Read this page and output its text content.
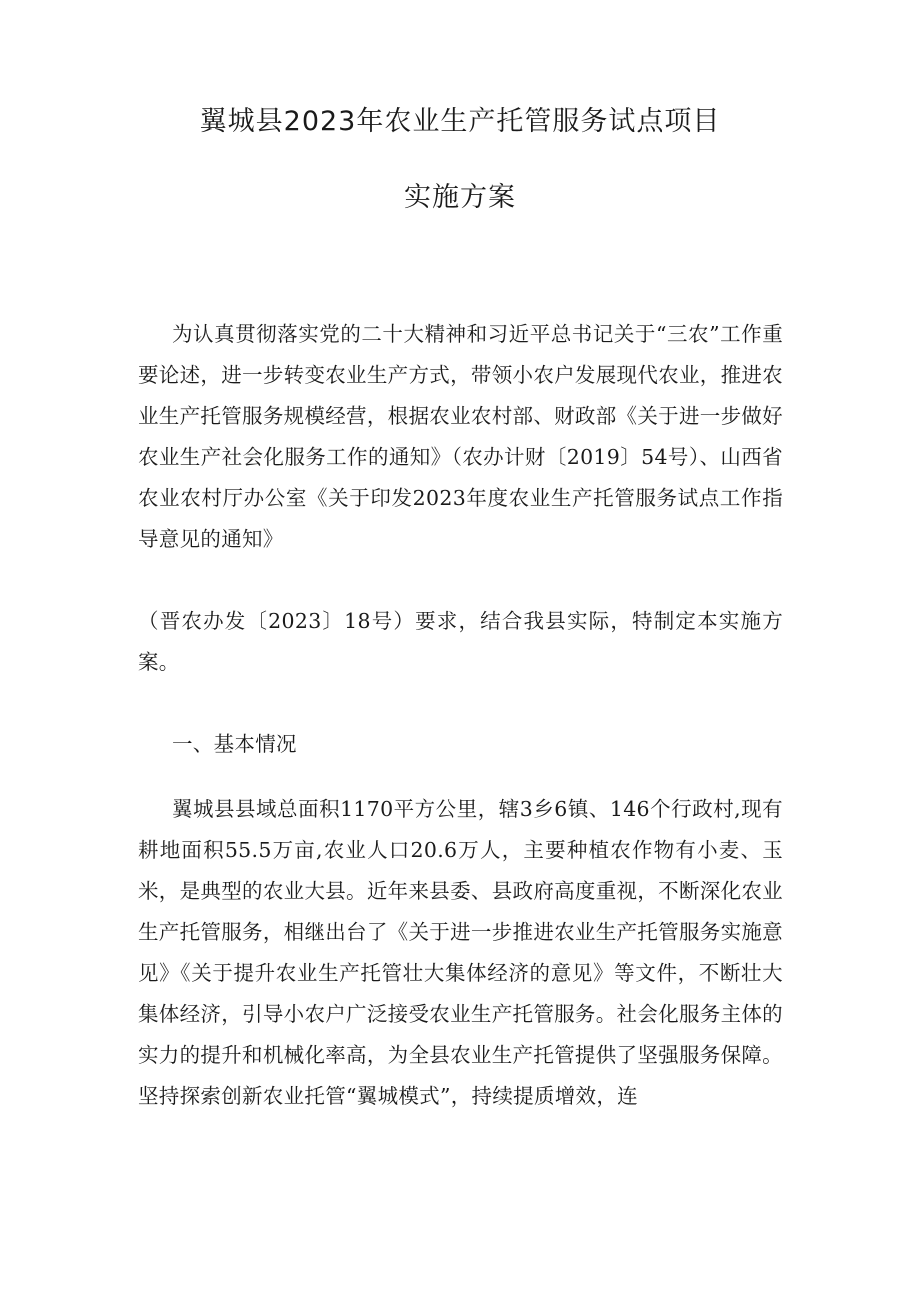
翼城县2023年农业生产托管服务试点项目
实施方案

为认真贯彻落实党的二十大精神和习近平总书记关于“三农”工作重要论述，进一步转变农业生产方式，带领小农户发展现代农业，推进农业生产托管服务规模经营，根据农业农村部、财政部《关于进一步做好农业生产社会化服务工作的通知》（农办计财〔2019〕54号）、山西省农业农村厅办公室《关于印发2023年度农业生产托管服务试点工作指导意见的通知》

（晋农办发〔2023〕18号）要求，结合我县实际，特制定本实施方案。

一、基本情况

翼城县县域总面积1170平方公里，辖3乡6镇、146个行政村,现有耕地面积55.5万亩,农业人口20.6万人，主要种植农作物有小麦、玉米，是典型的农业大县。近年来县委、县政府高度重视，不断深化农业生产托管服务，相继出台了《关于进一步推进农业生产托管服务实施意见》《关于提升农业生产托管壮大集体经济的意见》等文件，不断壮大集体经济，引导小农户广泛接受农业生产托管服务。社会化服务主体的实力的提升和机械化率高，为全县农业生产托管提供了坚强服务保障。坚持探索创新农业托管“翼城模式”，持续提质增效，连
